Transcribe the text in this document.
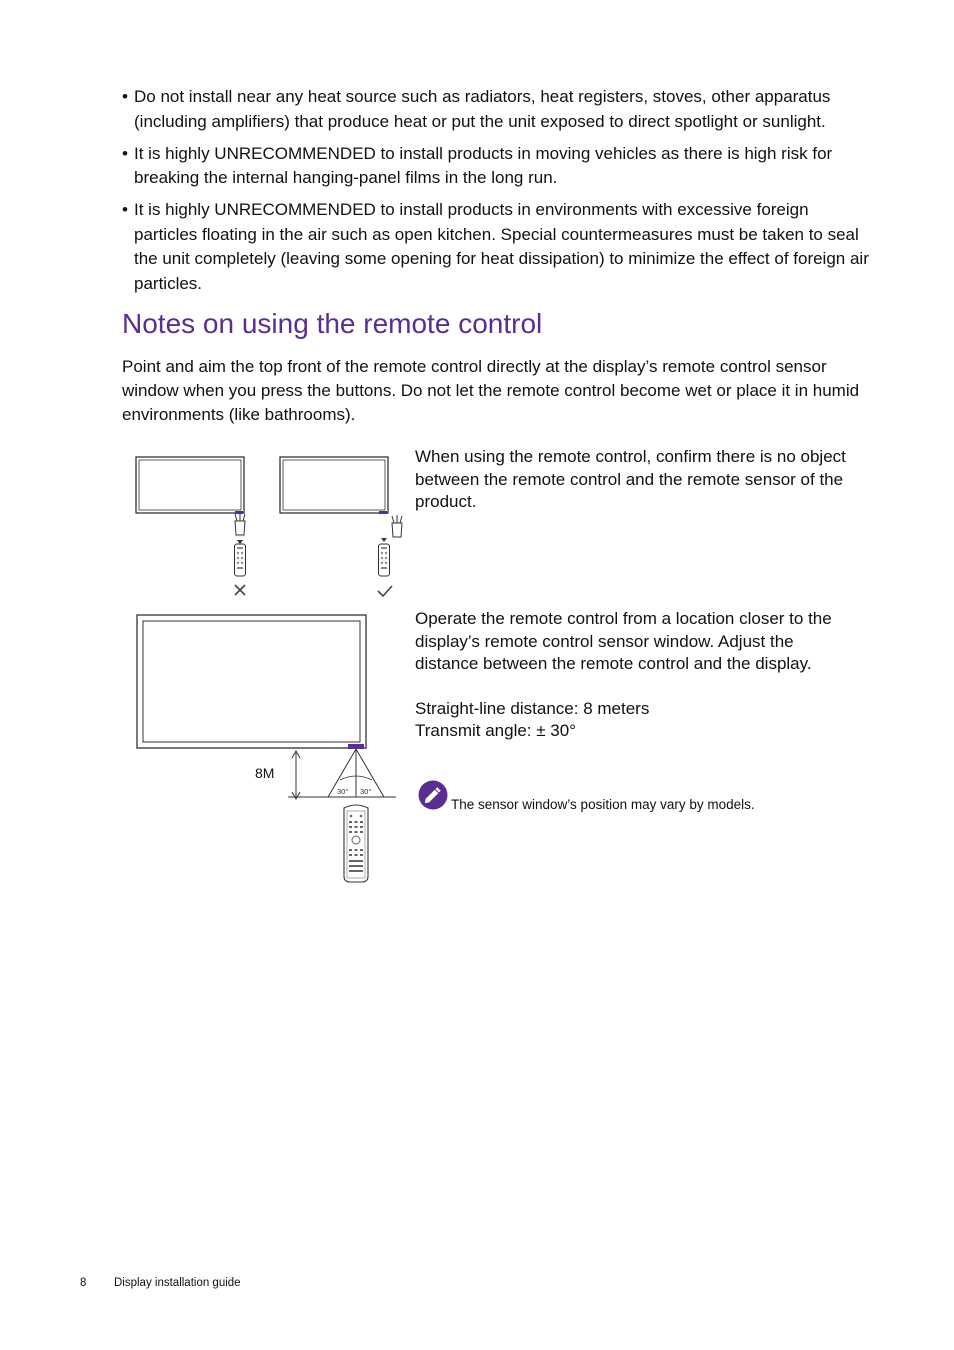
• Do not install near any heat source such as radiators, heat registers, stoves, other apparatus (including amplifiers) that produce heat or put the unit exposed to direct spotlight or sunlight.
• It is highly UNRECOMMENDED to install products in moving vehicles as there is high risk for breaking the internal hanging-panel films in the long run.
• It is highly UNRECOMMENDED to install products in environments with excessive foreign particles floating in the air such as open kitchen. Special countermeasures must be taken to seal the unit completely (leaving some opening for heat dissipation) to minimize the effect of foreign air particles.
Notes on using the remote control

Point and aim the top front of the remote control directly at the display’s remote control sensor window when you press the buttons. Do not let the remote control become wet or place it in humid environments (like bathrooms).

8M
30° 30°

When using the remote control, confirm there is no object between the remote control and the remote sensor of the product.

Operate the remote control from a location closer to the display’s remote control sensor window. Adjust the distance between the remote control and the display.

Straight-line distance: 8 meters

Transmit angle: ± 30°

The sensor window’s position may vary by models.
8 Display installation guide
